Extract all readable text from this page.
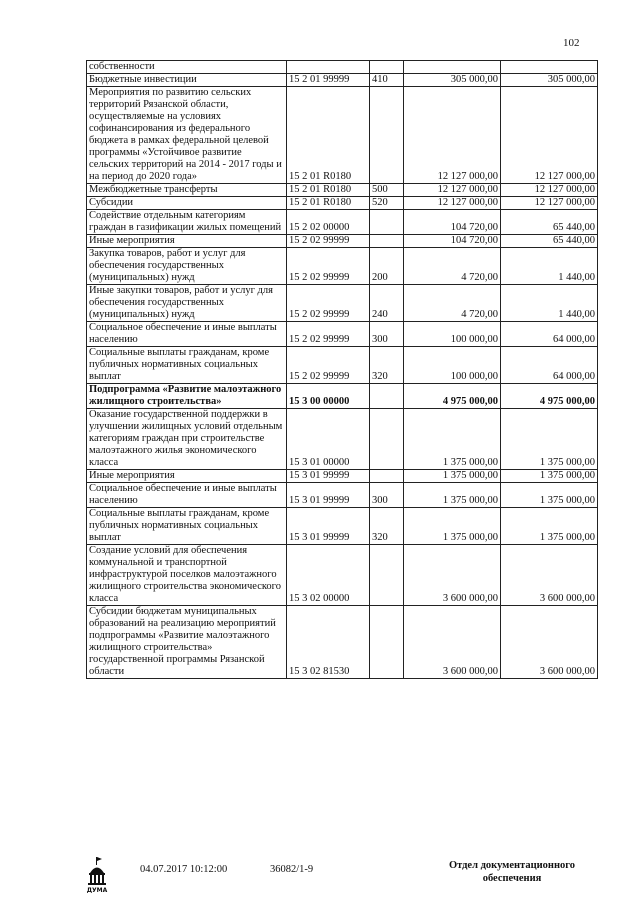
102
собственности				
Бюджетные инвестиции	15 2 01 99999	410	305 000,00	305 000,00
Мероприятия по развитию сельских территорий Рязанской области, осуществляемые на условиях софинансирования из федерального бюджета в рамках федеральной целевой программы «Устойчивое развитие сельских территорий на 2014 - 2017 годы и на период до 2020 года»	15 2 01 R0180		12 127 000,00	12 127 000,00
Межбюджетные трансферты	15 2 01 R0180	500	12 127 000,00	12 127 000,00
Субсидии	15 2 01 R0180	520	12 127 000,00	12 127 000,00
Содействие отдельным категориям граждан в газификации жилых помещений	15 2 02 00000		104 720,00	65 440,00
Иные мероприятия	15 2 02 99999		104 720,00	65 440,00
Закупка товаров, работ и услуг для обеспечения государственных (муниципальных) нужд	15 2 02 99999	200	4 720,00	1 440,00
Иные закупки товаров, работ и услуг для обеспечения государственных (муниципальных) нужд	15 2 02 99999	240	4 720,00	1 440,00
Социальное обеспечение и иные выплаты населению	15 2 02 99999	300	100 000,00	64 000,00
Социальные выплаты гражданам, кроме публичных нормативных социальных выплат	15 2 02 99999	320	100 000,00	64 000,00
Подпрограмма «Развитие малоэтажного жилищного строительства»	15 3 00 00000		4 975 000,00	4 975 000,00
Оказание государственной поддержки в улучшении жилищных условий отдельным категориям граждан при строительстве малоэтажного жилья экономического класса	15 3 01 00000		1 375 000,00	1 375 000,00
Иные мероприятия	15 3 01 99999		1 375 000,00	1 375 000,00
Социальное обеспечение и иные выплаты населению	15 3 01 99999	300	1 375 000,00	1 375 000,00
Социальные выплаты гражданам, кроме публичных нормативных социальных выплат	15 3 01 99999	320	1 375 000,00	1 375 000,00
Создание условий для обеспечения коммунальной и транспортной инфраструктурой поселков малоэтажного жилищного строительства экономического класса	15 3 02 00000		3 600 000,00	3 600 000,00
Субсидии бюджетам муниципальных образований на реализацию мероприятий подпрограммы «Развитие малоэтажного жилищного строительства» государственной программы Рязанской области	15 3 02 81530		3 600 000,00	3 600 000,00
ДУМА
04.07.2017 10:12:00	36082/1-9	Отдел документационного
обеспечения
